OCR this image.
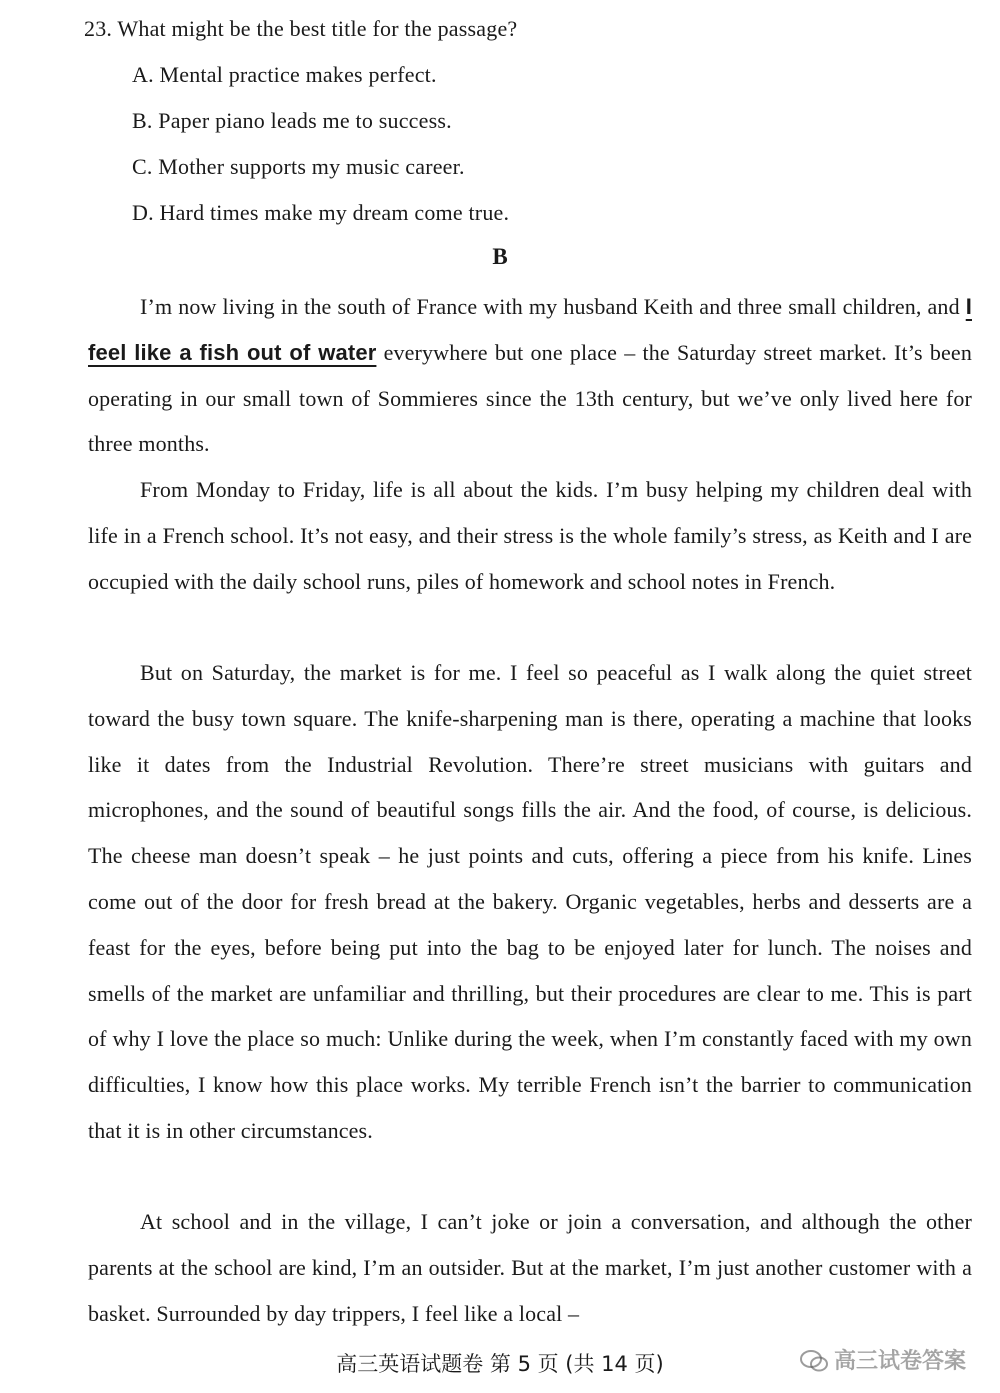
23. What might be the best title for the passage?
A. Mental practice makes perfect.
B. Paper piano leads me to success.
C. Mother supports my music career.
D. Hard times make my dream come true.
B
I’m now living in the south of France with my husband Keith and three small children, and I feel like a fish out of water everywhere but one place – the Saturday street market. It’s been operating in our small town of Sommieres since the 13th century, but we’ve only lived here for three months.
From Monday to Friday, life is all about the kids. I’m busy helping my children deal with life in a French school. It’s not easy, and their stress is the whole family’s stress, as Keith and I are occupied with the daily school runs, piles of homework and school notes in French.
But on Saturday, the market is for me. I feel so peaceful as I walk along the quiet street toward the busy town square. The knife-sharpening man is there, operating a machine that looks like it dates from the Industrial Revolution. There’re street musicians with guitars and microphones, and the sound of beautiful songs fills the air. And the food, of course, is delicious. The cheese man doesn’t speak – he just points and cuts, offering a piece from his knife. Lines come out of the door for fresh bread at the bakery. Organic vegetables, herbs and desserts are a feast for the eyes, before being put into the bag to be enjoyed later for lunch. The noises and smells of the market are unfamiliar and thrilling, but their procedures are clear to me. This is part of why I love the place so much: Unlike during the week, when I’m constantly faced with my own difficulties, I know how this place works. My terrible French isn’t the barrier to communication that it is in other circumstances.
At school and in the village, I can’t joke or join a conversation, and although the other parents at the school are kind, I’m an outsider. But at the market, I’m just another customer with a basket. Surrounded by day trippers, I feel like a local –
高三英语试题卷 第 5 页 (共 14 页)	高三试卷答案
